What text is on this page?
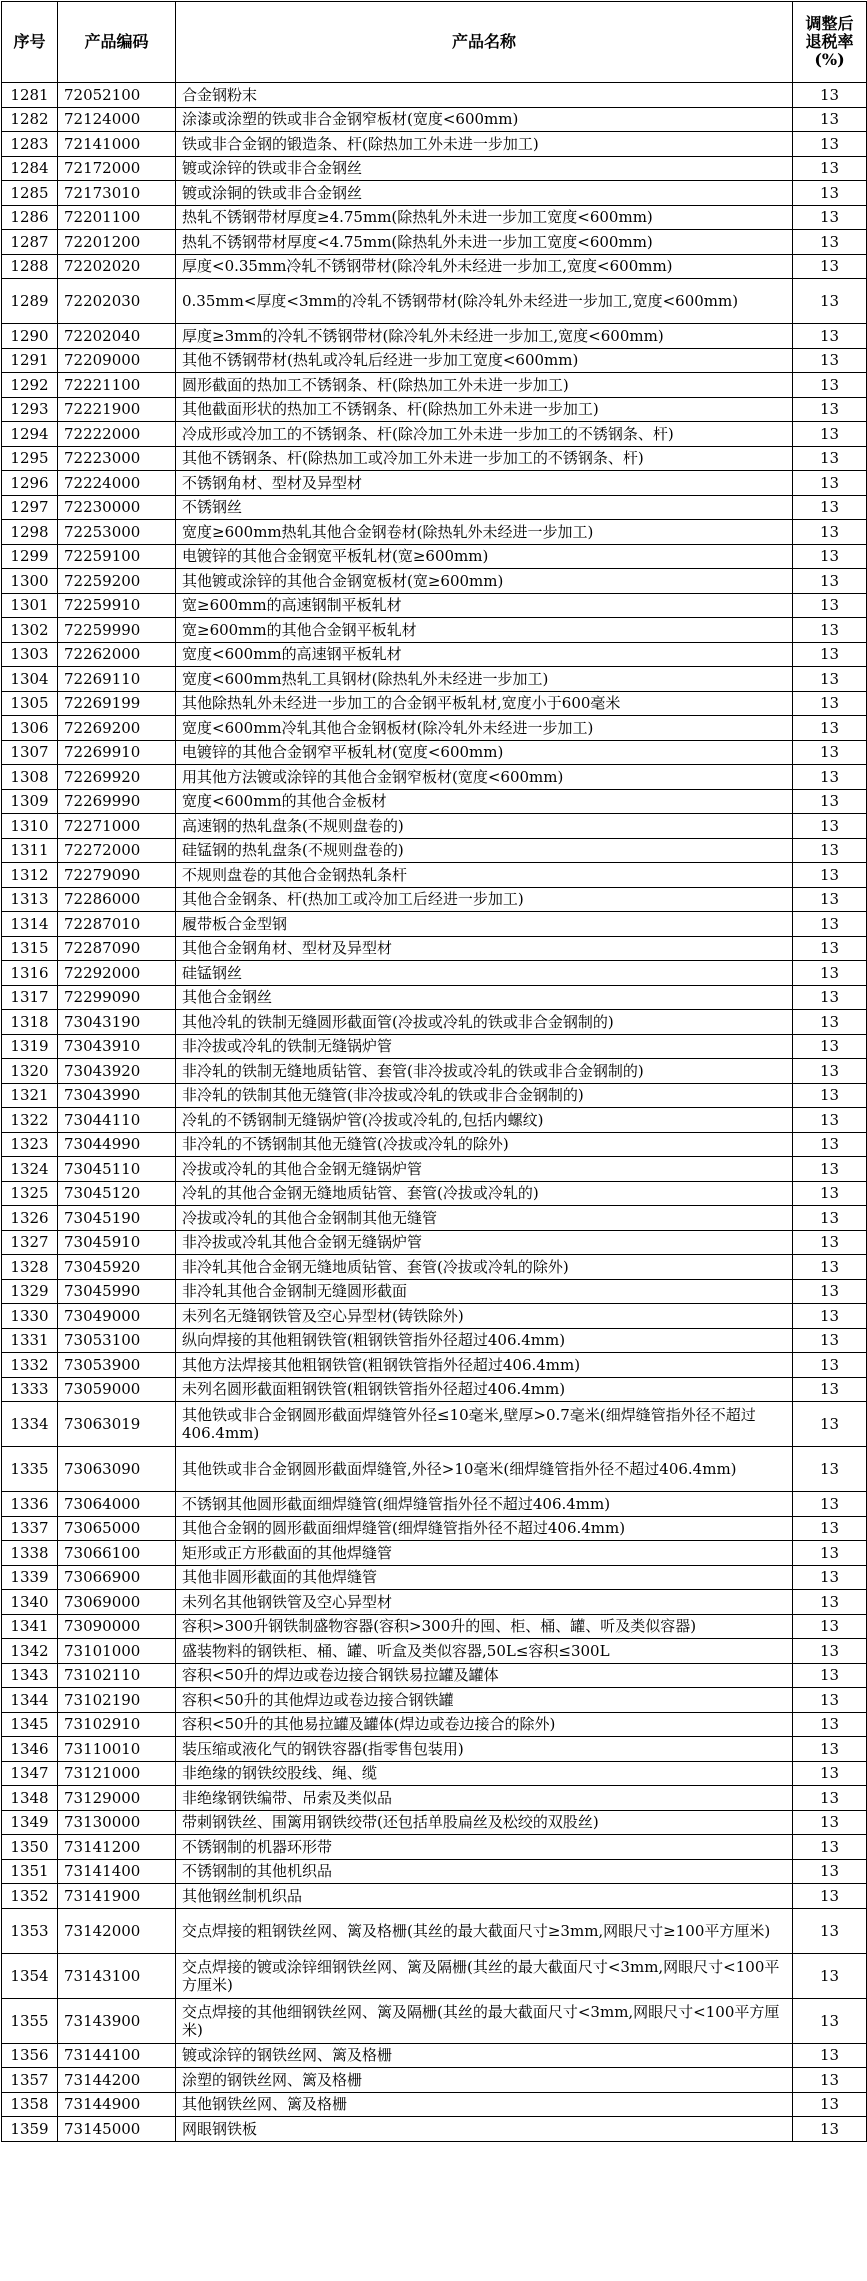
序号	产品编码	产品名称	调整后
退税率
(%)

1281	72052100	合金钢粉末	13
1282	72124000	涂漆或涂塑的铁或非合金钢窄板材(宽度<600mm)	13
1283	72141000	铁或非合金钢的锻造条、杆(除热加工外未进一步加工)	13
1284	72172000	镀或涂锌的铁或非合金钢丝	13
1285	72173010	镀或涂铜的铁或非合金钢丝	13
1286	72201100	热轧不锈钢带材厚度≥4.75mm(除热轧外未进一步加工宽度<600mm)	13
1287	72201200	热轧不锈钢带材厚度<4.75mm(除热轧外未进一步加工宽度<600mm)	13
1288	72202020	厚度<0.35mm冷轧不锈钢带材(除冷轧外未经进一步加工,宽度<600mm)	13
1289	72202030	0.35mm<厚度<3mm的冷轧不锈钢带材(除冷轧外未经进一步加工,宽度<600mm)	13
1290	72202040	厚度≥3mm的冷轧不锈钢带材(除冷轧外未经进一步加工,宽度<600mm)	13
1291	72209000	其他不锈钢带材(热轧或冷轧后经进一步加工宽度<600mm)	13
1292	72221100	圆形截面的热加工不锈钢条、杆(除热加工外未进一步加工)	13
1293	72221900	其他截面形状的热加工不锈钢条、杆(除热加工外未进一步加工)	13
1294	72222000	冷成形或冷加工的不锈钢条、杆(除冷加工外未进一步加工的不锈钢条、杆)	13
1295	72223000	其他不锈钢条、杆(除热加工或冷加工外未进一步加工的不锈钢条、杆)	13
1296	72224000	不锈钢角材、型材及异型材	13
1297	72230000	不锈钢丝	13
1298	72253000	宽度≥600mm热轧其他合金钢卷材(除热轧外未经进一步加工)	13
1299	72259100	电镀锌的其他合金钢宽平板轧材(宽≥600mm)	13
1300	72259200	其他镀或涂锌的其他合金钢宽板材(宽≥600mm)	13
1301	72259910	宽≥600mm的高速钢制平板轧材	13
1302	72259990	宽≥600mm的其他合金钢平板轧材	13
1303	72262000	宽度<600mm的高速钢平板轧材	13
1304	72269110	宽度<600mm热轧工具钢材(除热轧外未经进一步加工)	13
1305	72269199	其他除热轧外未经进一步加工的合金钢平板轧材,宽度小于600毫米	13
1306	72269200	宽度<600mm冷轧其他合金钢板材(除冷轧外未经进一步加工)	13
1307	72269910	电镀锌的其他合金钢窄平板轧材(宽度<600mm)	13
1308	72269920	用其他方法镀或涂锌的其他合金钢窄板材(宽度<600mm)	13
1309	72269990	宽度<600mm的其他合金板材	13
1310	72271000	高速钢的热轧盘条(不规则盘卷的)	13
1311	72272000	硅锰钢的热轧盘条(不规则盘卷的)	13
1312	72279090	不规则盘卷的其他合金钢热轧条杆	13
1313	72286000	其他合金钢条、杆(热加工或冷加工后经进一步加工)	13
1314	72287010	履带板合金型钢	13
1315	72287090	其他合金钢角材、型材及异型材	13
1316	72292000	硅锰钢丝	13
1317	72299090	其他合金钢丝	13
1318	73043190	其他冷轧的铁制无缝圆形截面管(冷拔或冷轧的铁或非合金钢制的)	13
1319	73043910	非冷拔或冷轧的铁制无缝锅炉管	13
1320	73043920	非冷轧的铁制无缝地质钻管、套管(非冷拔或冷轧的铁或非合金钢制的)	13
1321	73043990	非冷轧的铁制其他无缝管(非冷拔或冷轧的铁或非合金钢制的)	13
1322	73044110	冷轧的不锈钢制无缝锅炉管(冷拔或冷轧的,包括内螺纹)	13
1323	73044990	非冷轧的不锈钢制其他无缝管(冷拔或冷轧的除外)	13
1324	73045110	冷拔或冷轧的其他合金钢无缝锅炉管	13
1325	73045120	冷轧的其他合金钢无缝地质钻管、套管(冷拔或冷轧的)	13
1326	73045190	冷拔或冷轧的其他合金钢制其他无缝管	13
1327	73045910	非冷拔或冷轧其他合金钢无缝锅炉管	13
1328	73045920	非冷轧其他合金钢无缝地质钻管、套管(冷拔或冷轧的除外)	13
1329	73045990	非冷轧其他合金钢制无缝圆形截面	13
1330	73049000	未列名无缝钢铁管及空心异型材(铸铁除外)	13
1331	73053100	纵向焊接的其他粗钢铁管(粗钢铁管指外径超过406.4mm)	13
1332	73053900	其他方法焊接其他粗钢铁管(粗钢铁管指外径超过406.4mm)	13
1333	73059000	未列名圆形截面粗钢铁管(粗钢铁管指外径超过406.4mm)	13
1334	73063019	其他铁或非合金钢圆形截面焊缝管外径≤10毫米,壁厚>0.7毫米(细焊缝管指外径不超过406.4mm)	13
1335	73063090	其他铁或非合金钢圆形截面焊缝管,外径>10毫米(细焊缝管指外径不超过406.4mm)	13
1336	73064000	不锈钢其他圆形截面细焊缝管(细焊缝管指外径不超过406.4mm)	13
1337	73065000	其他合金钢的圆形截面细焊缝管(细焊缝管指外径不超过406.4mm)	13
1338	73066100	矩形或正方形截面的其他焊缝管	13
1339	73066900	其他非圆形截面的其他焊缝管	13
1340	73069000	未列名其他钢铁管及空心异型材	13
1341	73090000	容积>300升钢铁制盛物容器(容积>300升的囤、柜、桶、罐、听及类似容器)	13
1342	73101000	盛装物料的钢铁柜、桶、罐、听盒及类似容器,50L≤容积≤300L	13
1343	73102110	容积<50升的焊边或卷边接合钢铁易拉罐及罐体	13
1344	73102190	容积<50升的其他焊边或卷边接合钢铁罐	13
1345	73102910	容积<50升的其他易拉罐及罐体(焊边或卷边接合的除外)	13
1346	73110010	装压缩或液化气的钢铁容器(指零售包装用)	13
1347	73121000	非绝缘的钢铁绞股线、绳、缆	13
1348	73129000	非绝缘钢铁编带、吊索及类似品	13
1349	73130000	带刺钢铁丝、围篱用钢铁绞带(还包括单股扁丝及松绞的双股丝)	13
1350	73141200	不锈钢制的机器环形带	13
1351	73141400	不锈钢制的其他机织品	13
1352	73141900	其他钢丝制机织品	13
1353	73142000	交点焊接的粗钢铁丝网、篱及格栅(其丝的最大截面尺寸≥3mm,网眼尺寸≥100平方厘米)	13
1354	73143100	交点焊接的镀或涂锌细钢铁丝网、篱及隔栅(其丝的最大截面尺寸<3mm,网眼尺寸<100平方厘米)	13
1355	73143900	交点焊接的其他细钢铁丝网、篱及隔栅(其丝的最大截面尺寸<3mm,网眼尺寸<100平方厘米)	13
1356	73144100	镀或涂锌的钢铁丝网、篱及格栅	13
1357	73144200	涂塑的钢铁丝网、篱及格栅	13
1358	73144900	其他钢铁丝网、篱及格栅	13
1359	73145000	网眼钢铁板	13
